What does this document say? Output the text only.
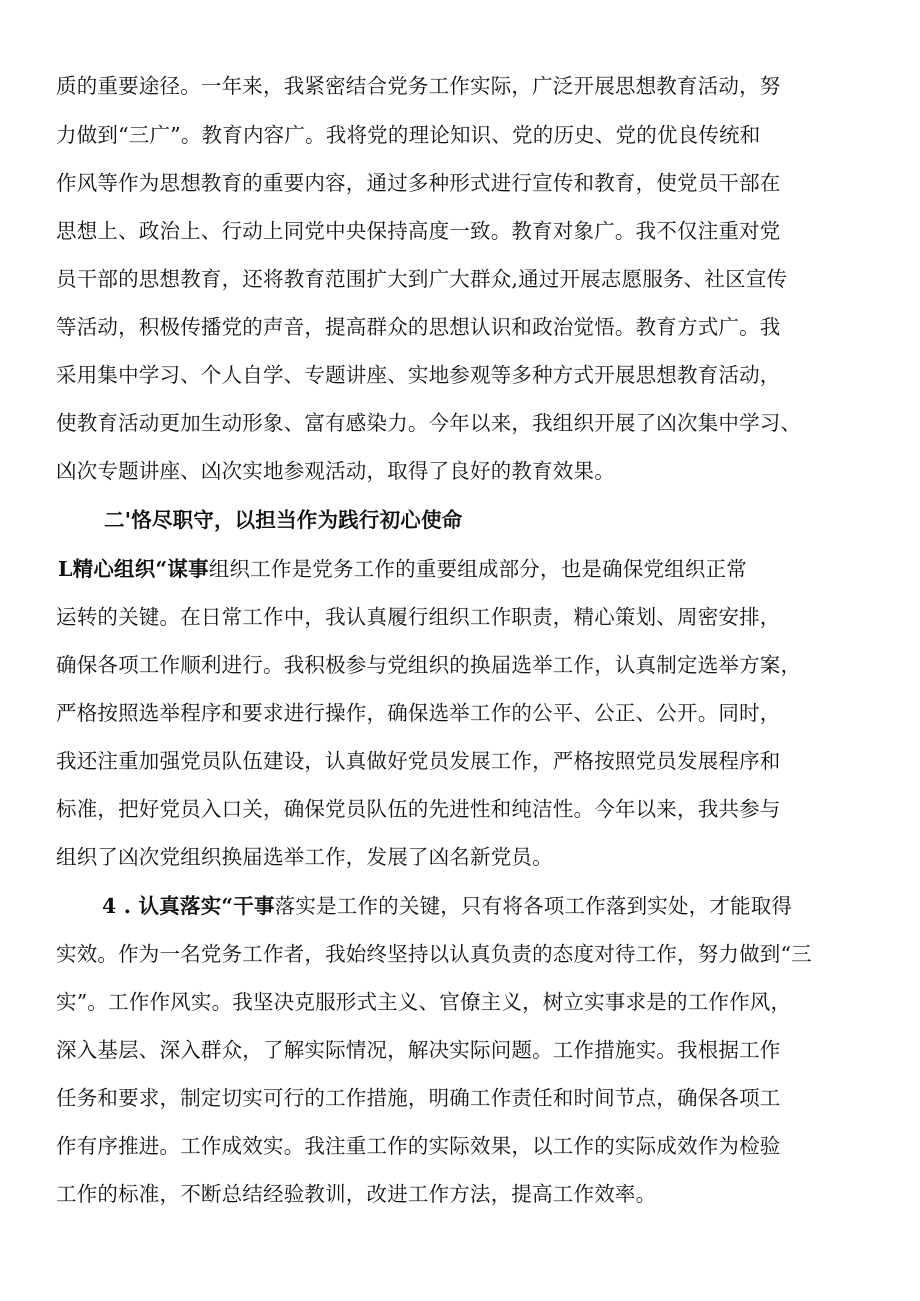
质的重要途径。一年来，我紧密结合党务工作实际，广泛开展思想教育活动，努
力做到“三广”。教育内容广。我将党的理论知识、党的历史、党的优良传统和
作风等作为思想教育的重要内容，通过多种形式进行宣传和教育，使党员干部在
思想上、政治上、行动上同党中央保持高度一致。教育对象广。我不仅注重对党
员干部的思想教育，还将教育范围扩大到广大群众,通过开展志愿服务、社区宣传
等活动，积极传播党的声音，提高群众的思想认识和政治觉悟。教育方式广。我
采用集中学习、个人自学、专题讲座、实地参观等多种方式开展思想教育活动，
使教育活动更加生动形象、富有感染力。今年以来，我组织开展了凶次集中学习、
凶次专题讲座、凶次实地参观活动，取得了良好的教育效果。
二'恪尽职守，以担当作为践行初心使命
L精心组织“谋事组织工作是党务工作的重要组成部分，也是确保党组织正常
运转的关键。在日常工作中，我认真履行组织工作职责，精心策划、周密安排，
确保各项工作顺利进行。我积极参与党组织的换届选举工作，认真制定选举方案，
严格按照选举程序和要求进行操作，确保选举工作的公平、公正、公开。同时，
我还注重加强党员队伍建设，认真做好党员发展工作，严格按照党员发展程序和
标准，把好党员入口关，确保党员队伍的先进性和纯洁性。今年以来，我共参与
组织了凶次党组织换届选举工作，发展了凶名新党员。
4 . 认真落实“干事落实是工作的关键，只有将各项工作落到实处，才能取得
实效。作为一名党务工作者，我始终坚持以认真负责的态度对待工作，努力做到“三
实”。工作作风实。我坚决克服形式主义、官僚主义，树立实事求是的工作作风，
深入基层、深入群众，了解实际情况，解决实际问题。工作措施实。我根据工作
任务和要求，制定切实可行的工作措施，明确工作责任和时间节点，确保各项工
作有序推进。工作成效实。我注重工作的实际效果，以工作的实际成效作为检验
工作的标准，不断总结经验教训，改进工作方法，提高工作效率。
